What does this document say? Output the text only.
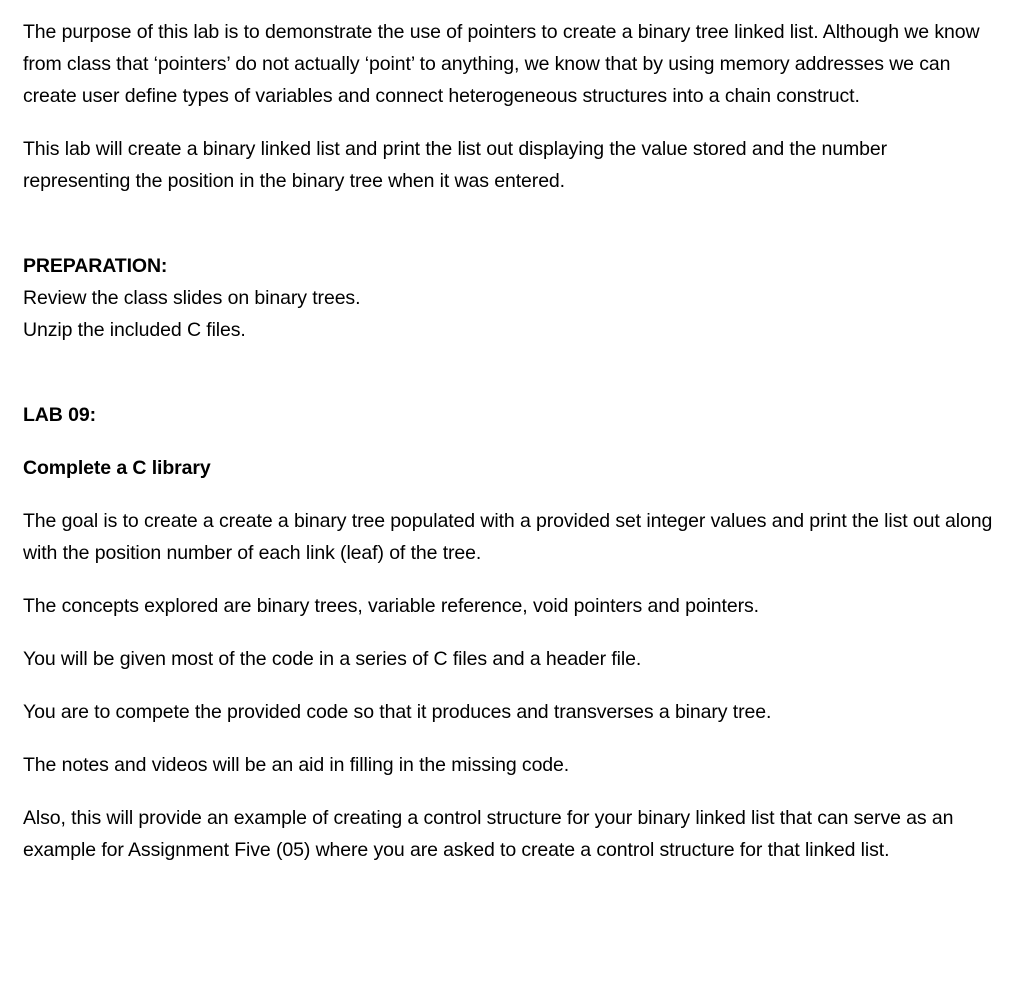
The purpose of this lab is to demonstrate the use of pointers to create a binary tree linked list. Although we know from class that ‘pointers’ do not actually ‘point’ to anything, we know that by using memory addresses we can create user define types of variables and connect heterogeneous structures into a chain construct.

This lab will create a binary linked list and print the list out displaying the value stored and the number representing the position in the binary tree when it was entered.

PREPARATION:

Review the class slides on binary trees.

Unzip the included C files.

LAB 09:

Complete a C library

The goal is to create a create a binary tree populated with a provided set integer values and print the list out along with the position number of each link (leaf) of the tree.

The concepts explored are binary trees, variable reference, void pointers and pointers.

You will be given most of the code in a series of C files and a header file.

You are to compete the provided code so that it produces and transverses a binary tree.

The notes and videos will be an aid in filling in the missing code.

Also, this will provide an example of creating a control structure for your binary linked list that can serve as an example for Assignment Five (05) where you are asked to create a control structure for that linked list.
